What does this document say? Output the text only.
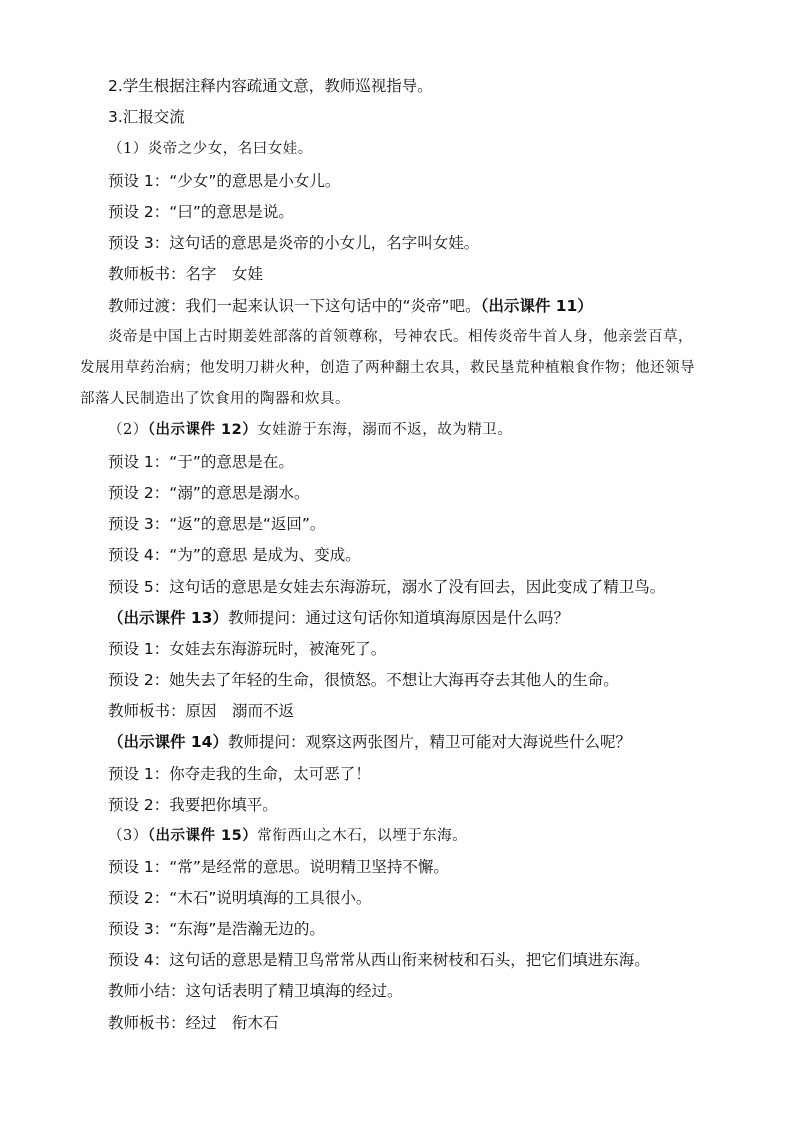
2.学生根据注释内容疏通文意，教师巡视指导。
3.汇报交流
（1）炎帝之少女，名曰女娃。
预设 1：“少女”的意思是小女儿。
预设 2：“曰”的意思是说。
预设 3：这句话的意思是炎帝的小女儿，名字叫女娃。
教师板书：名字　女娃
教师过渡：我们一起来认识一下这句话中的“炎帝”吧。（出示课件 11）
炎帝是中国上古时期姜姓部落的首领尊称，号神农氏。相传炎帝牛首人身，他亲尝百草，
发展用草药治病；他发明刀耕火种，创造了两种翻土农具，救民垦荒种植粮食作物；他还领导
部落人民制造出了饮食用的陶器和炊具。
（2）（出示课件 12）女娃游于东海，溺而不返，故为精卫。
预设 1：“于”的意思是在。
预设 2：“溺”的意思是溺水。
预设 3：“返”的意思是“返回”。
预设 4：“为”的意思 是成为、变成。
预设 5：这句话的意思是女娃去东海游玩，溺水了没有回去，因此变成了精卫鸟。
（出示课件 13）教师提问：通过这句话你知道填海原因是什么吗？
预设 1：女娃去东海游玩时，被淹死了。
预设 2：她失去了年轻的生命，很愤怒。不想让大海再夺去其他人的生命。
教师板书：原因　溺而不返
（出示课件 14）教师提问：观察这两张图片，精卫可能对大海说些什么呢？
预设 1：你夺走我的生命，太可恶了！
预设 2：我要把你填平。
（3）（出示课件 15）常衔西山之木石，以堙于东海。
预设 1：“常”是经常的意思。说明精卫坚持不懈。
预设 2：“木石”说明填海的工具很小。
预设 3：“东海”是浩瀚无边的。
预设 4：这句话的意思是精卫鸟常常从西山衔来树枝和石头，把它们填进东海。
教师小结：这句话表明了精卫填海的经过。
教师板书：经过　衔木石
